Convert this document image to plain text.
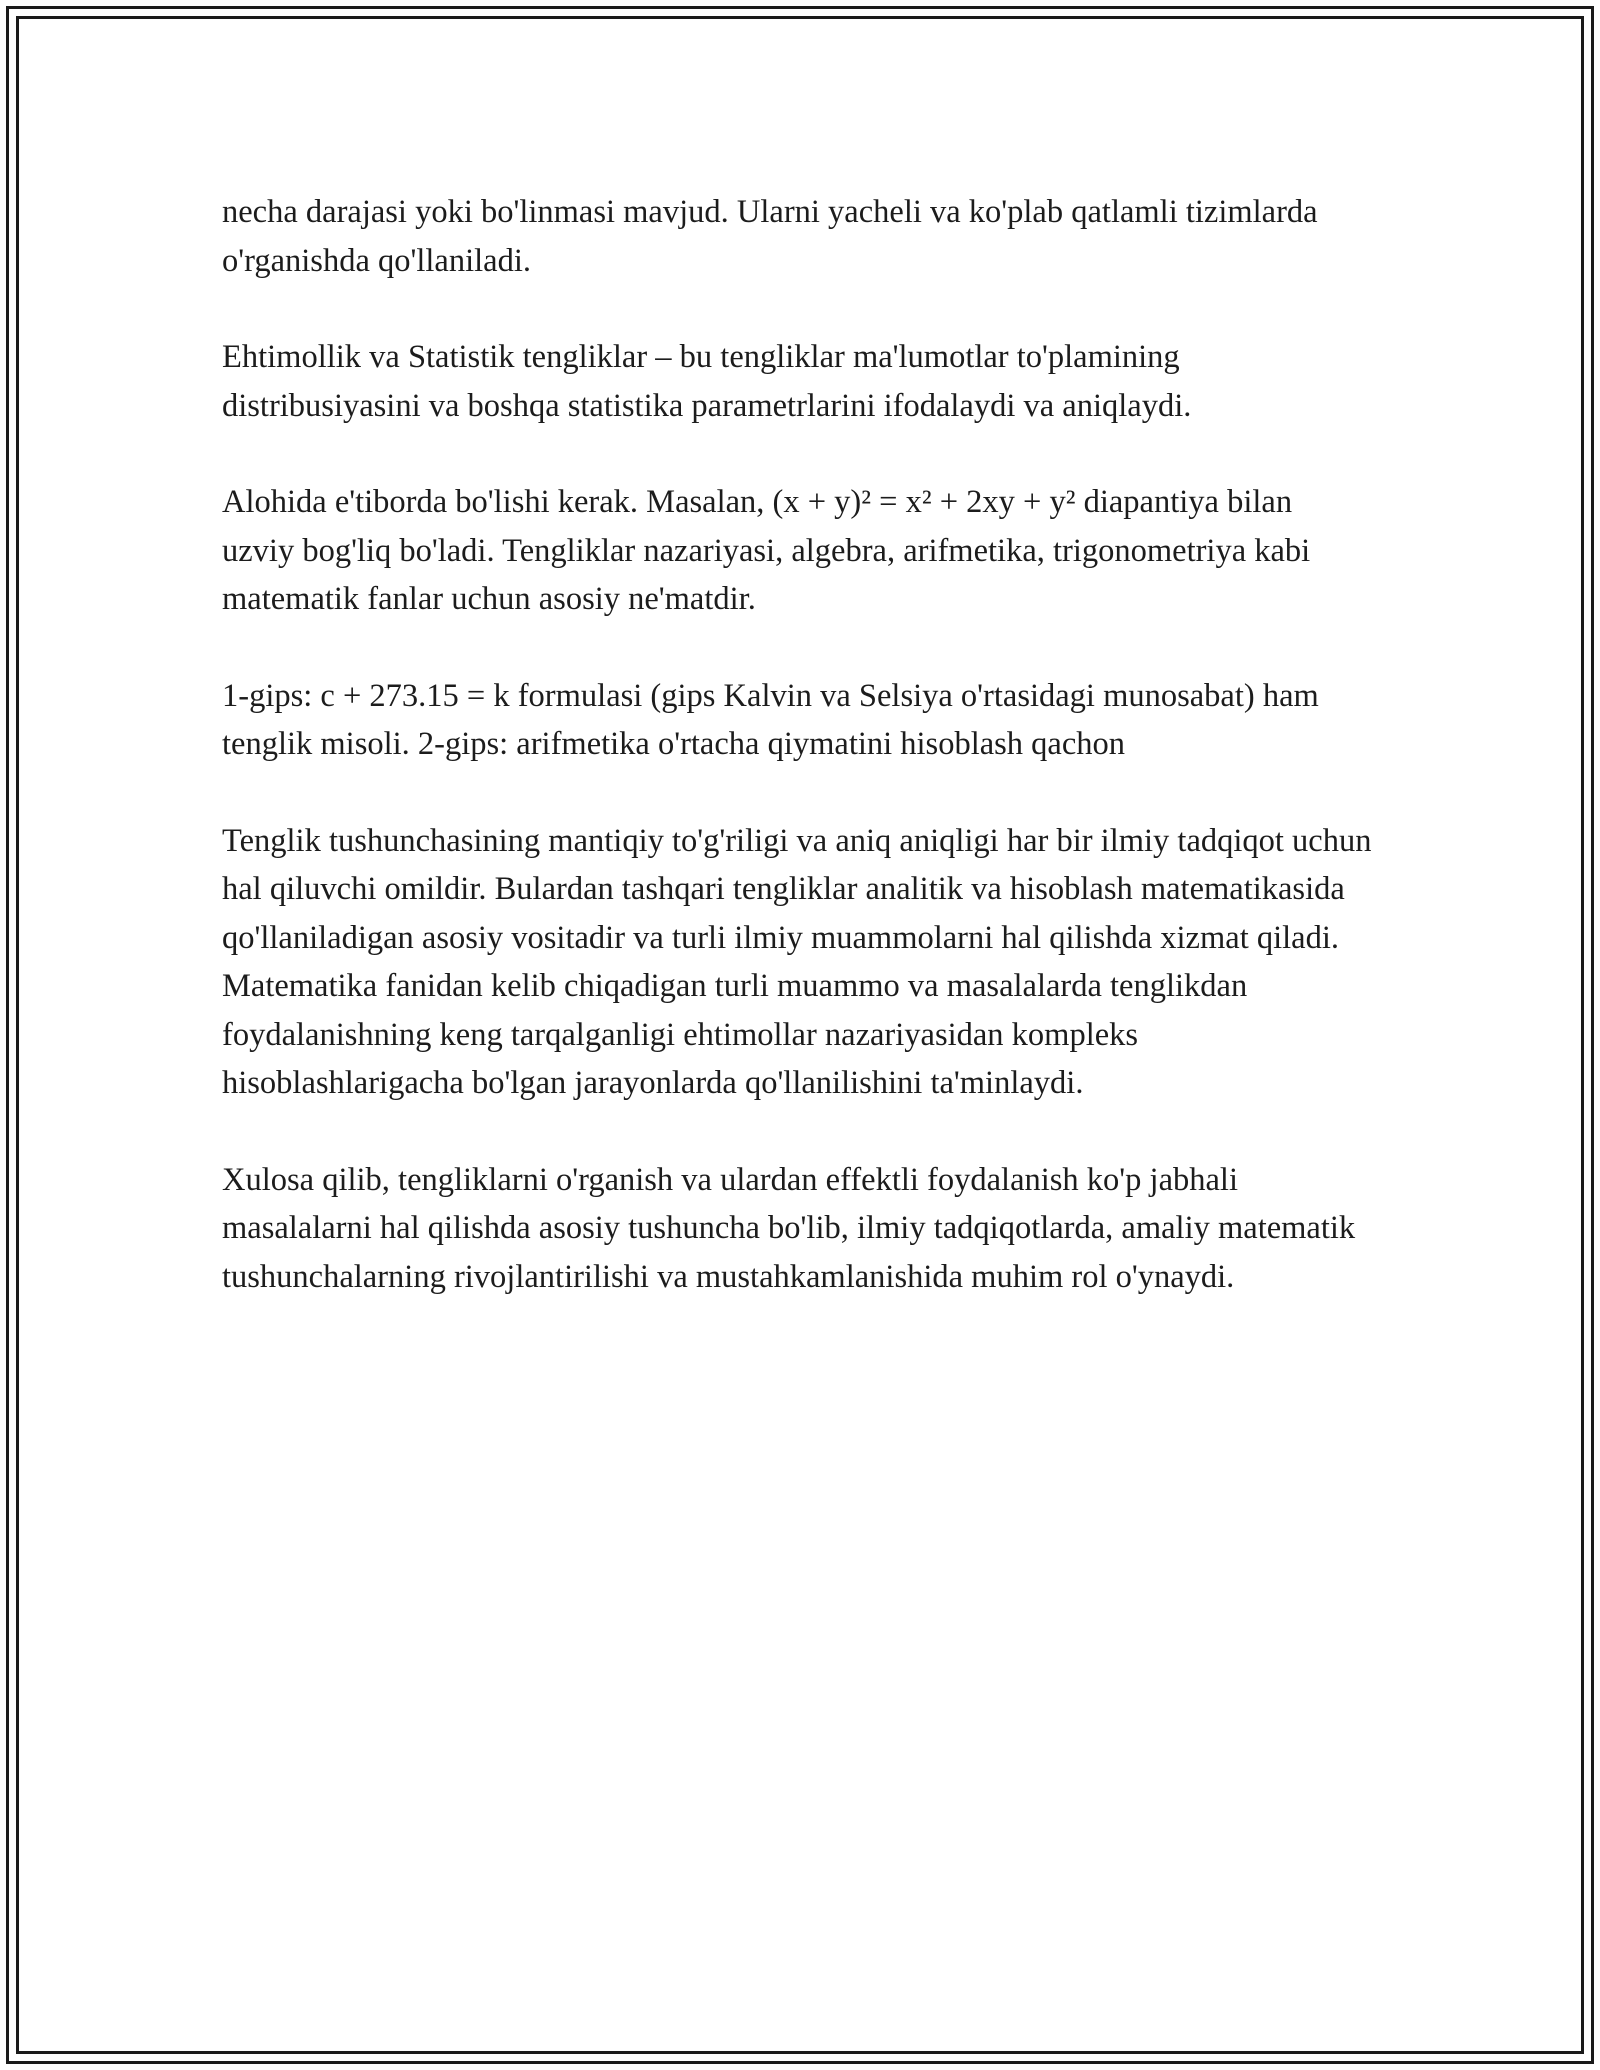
necha darajasi yoki bo'linmasi mavjud. Ularni yacheli va ko'plab qatlamli tizimlarda o'rganishda qo'llaniladi.

Ehtimollik va Statistik tengliklar – bu tengliklar ma'lumotlar to'plamining distribusiyasini va boshqa statistika parametrlarini ifodalaydi va aniqlaydi.

Alohida e'tiborda bo'lishi kerak. Masalan, (x + y)² = x² + 2xy + y² diapantiya bilan uzviy bog'liq bo'ladi. Tengliklar nazariyasi, algebra, arifmetika, trigonometriya kabi matematik fanlar uchun asosiy ne'matdir.

1-gips: c + 273.15 = k formulasi (gips Kalvin va Selsiya o'rtasidagi munosabat) ham tenglik misoli. 2-gips: arifmetika o'rtacha qiymatini hisoblash qachon

Tenglik tushunchasining mantiqiy to'g'riligi va aniq aniqligi har bir ilmiy tadqiqot uchun hal qiluvchi omildir. Bulardan tashqari tengliklar analitik va hisoblash matematikasida qo'llaniladigan asosiy vositadir va turli ilmiy muammolarni hal qilishda xizmat qiladi. Matematika fanidan kelib chiqadigan turli muammo va masalalarda tenglikdan foydalanishning keng tarqalganligi ehtimollar nazariyasidan kompleks hisoblashlarigacha bo'lgan jarayonlarda qo'llanilishini ta'minlaydi.

Xulosa qilib, tengliklarni o'rganish va ulardan effektli foydalanish ko'p jabhali masalalarni hal qilishda asosiy tushuncha bo'lib, ilmiy tadqiqotlarda, amaliy matematik tushunchalarning rivojlantirilishi va mustahkamlanishida muhim rol o'ynaydi.
